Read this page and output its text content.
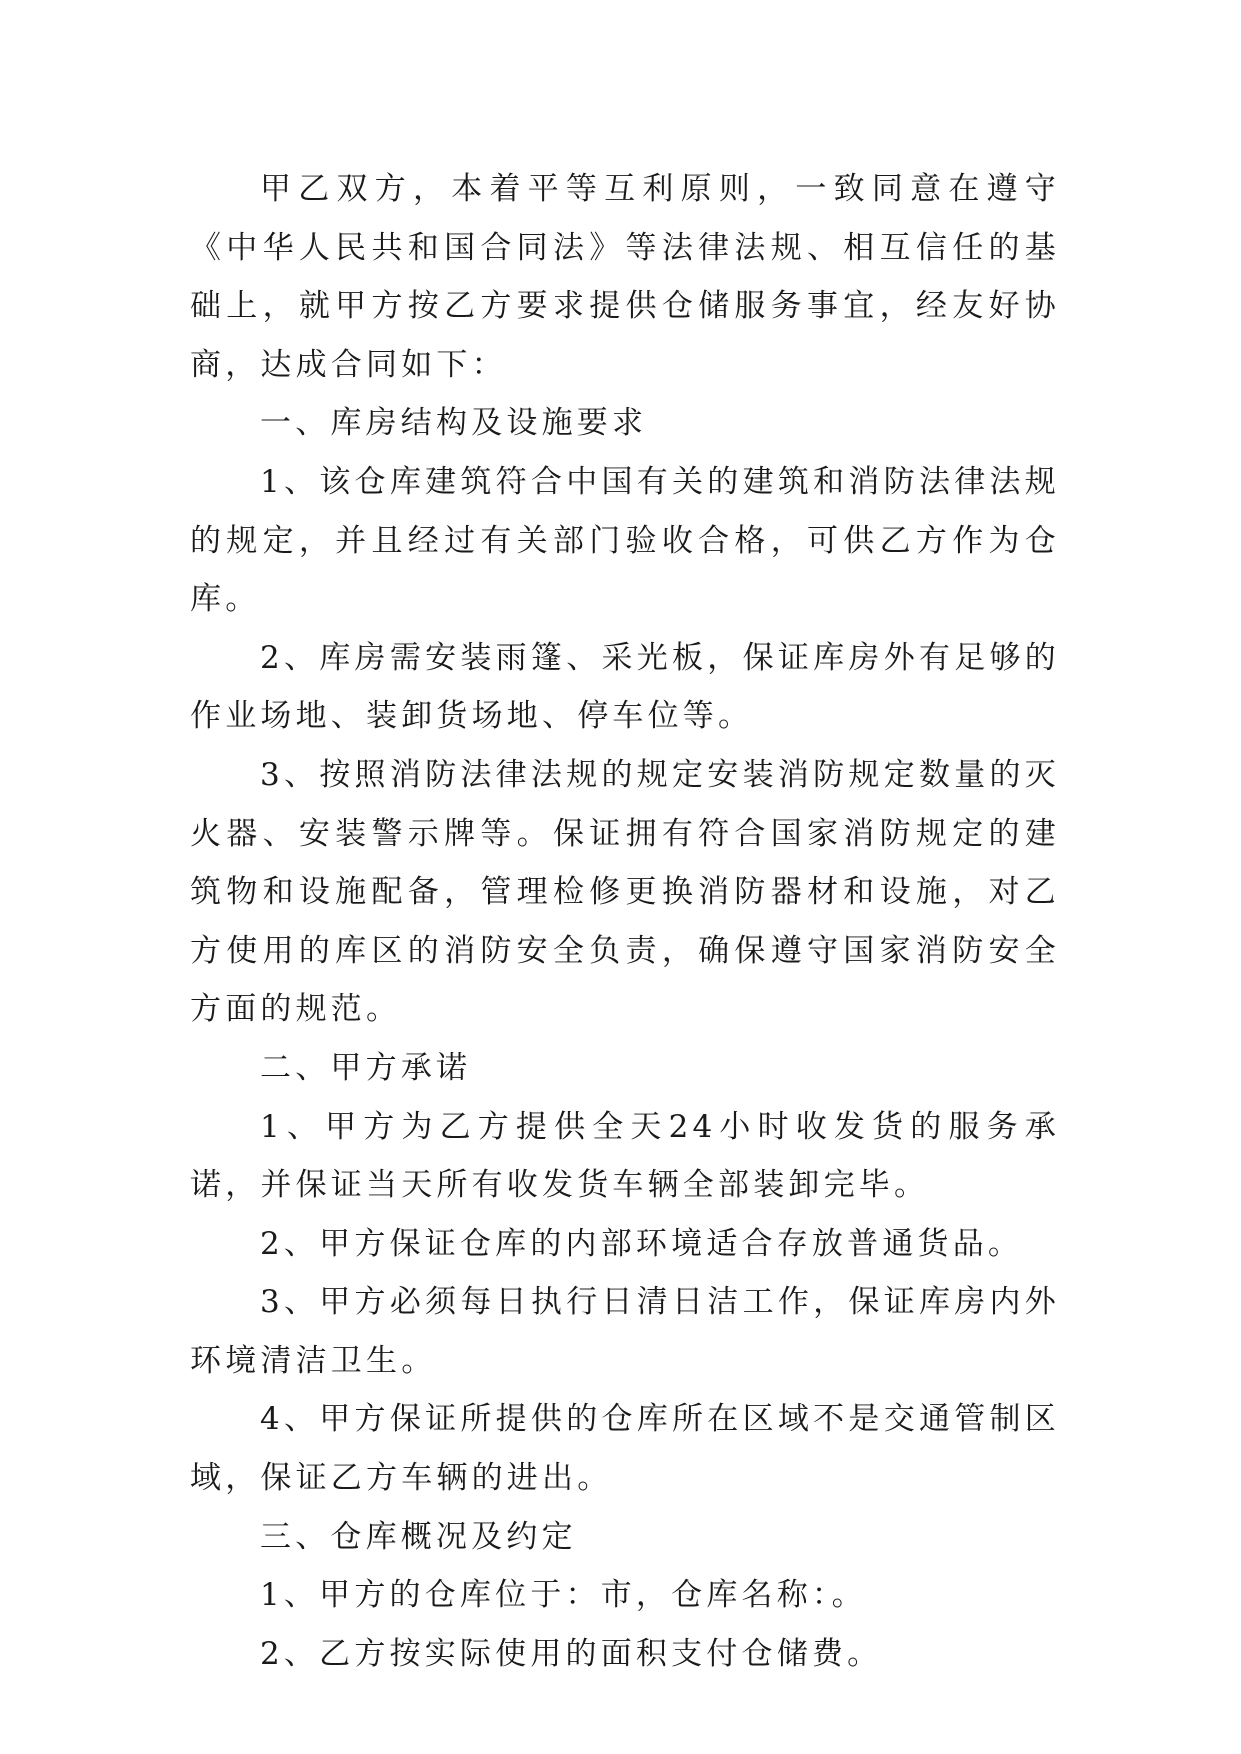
甲乙双方，本着平等互利原则，一致同意在遵守《中华人民共和国合同法》等法律法规、相互信任的基础上，就甲方按乙方要求提供仓储服务事宜，经友好协商，达成合同如下：

一、库房结构及设施要求

1、该仓库建筑符合中国有关的建筑和消防法律法规的规定，并且经过有关部门验收合格，可供乙方作为仓库。

2、库房需安装雨篷、采光板，保证库房外有足够的作业场地、装卸货场地、停车位等。

3、按照消防法律法规的规定安装消防规定数量的灭火器、安装警示牌等。保证拥有符合国家消防规定的建筑物和设施配备，管理检修更换消防器材和设施，对乙方使用的库区的消防安全负责，确保遵守国家消防安全方面的规范。

二、甲方承诺

1、甲方为乙方提供全天24小时收发货的服务承诺，并保证当天所有收发货车辆全部装卸完毕。

2、甲方保证仓库的内部环境适合存放普通货品。

3、甲方必须每日执行日清日洁工作，保证库房内外环境清洁卫生。

4、甲方保证所提供的仓库所在区域不是交通管制区域，保证乙方车辆的进出。

三、仓库概况及约定

1、甲方的仓库位于：市，仓库名称：。

2、乙方按实际使用的面积支付仓储费。
